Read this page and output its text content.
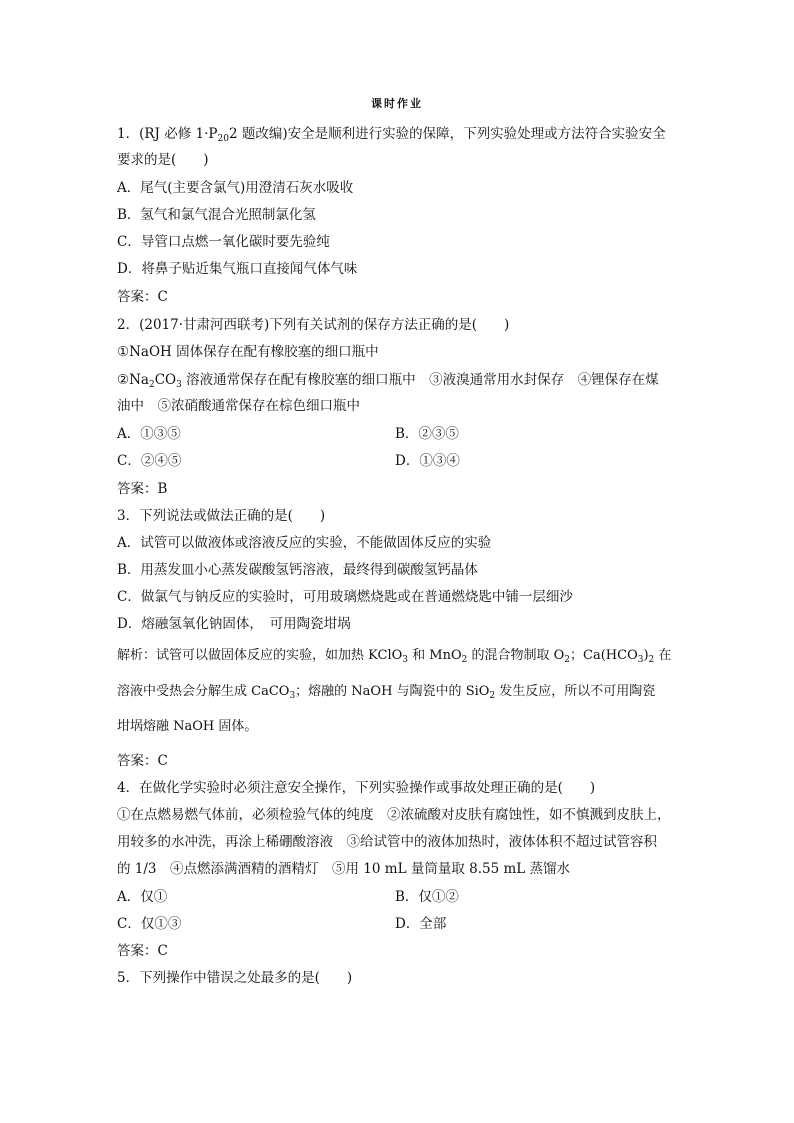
课时作业
1．(RJ 必修 $1\cdot P_{20}2$ 题改编)安全是顺利进行实验的保障，下列实验处理或方法符合实验安全
要求的是(　　)
A．尾气(主要含氯气)用澄清石灰水吸收
B．氢气和氯气混合光照制氯化氢
C．导管口点燃一氧化碳时要先验纯
D．将鼻子贴近集气瓶口直接闻气体气味
答案：C
2．(2017·甘肃河西联考)下列有关试剂的保存方法正确的是(　　)
①NaOH 固体保存在配有橡胶塞的细口瓶中
$②Na_2CO_3$ 溶液通常保存在配有橡胶塞的细口瓶中　③液溴通常用水封保存　④锂保存在煤
油中　⑤浓硝酸通常保存在棕色细口瓶中
A．①③⑤	B．②③⑤
C．②④⑤	D．①③④
答案：B
3．下列说法或做法正确的是(　　)
A．试管可以做液体或溶液反应的实验，不能做固体反应的实验
B．用蒸发皿小心蒸发碳酸氢钙溶液，最终得到碳酸氢钙晶体
C．做氯气与钠反应的实验时，可用玻璃燃烧匙或在普通燃烧匙中铺一层细沙
D．熔融氢氧化钠固体，　可用陶瓷坩埚
解析：试管可以做固体反应的实验，如加热 KClO$_3$ 和 MnO$_2$ 的混合物制取 $O_2$；$Ca(HCO_3)_2$ 在
溶液中受热会分解生成 CaCO$_3$；熔融的 NaOH 与陶瓷中的 SiO$_2$ 发生反应，所以不可用陶瓷
坩埚熔融 NaOH 固体。
答案：C
4．在做化学实验时必须注意安全操作，下列实验操作或事故处理正确的是(　　)
①在点燃易燃气体前，必须检验气体的纯度　②浓硫酸对皮肤有腐蚀性，如不慎溅到皮肤上，
用较多的水冲洗，再涂上稀硼酸溶液　③给试管中的液体加热时，液体体积不超过试管容积
的 1/3　④点燃添满酒精的酒精灯　⑤用 10 mL 量筒量取 8.55 mL 蒸馏水
A．仅①	B．仅①②
C．仅①③	D．全部
答案：C
5．下列操作中错误之处最多的是(　　)
